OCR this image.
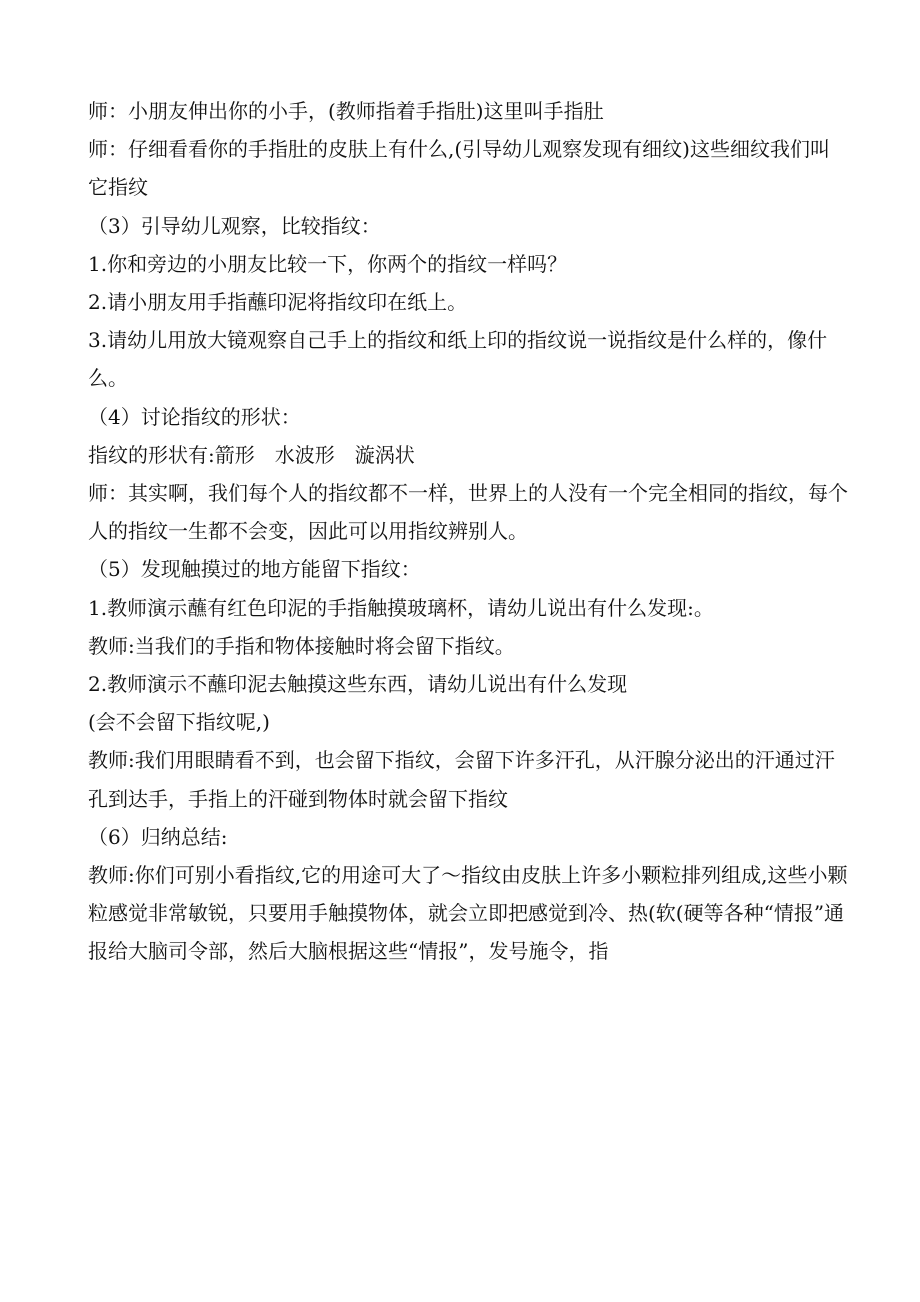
师：小朋友伸出你的小手，(教师指着手指肚)这里叫手指肚

师：仔细看看你的手指肚的皮肤上有什么,(引导幼儿观察发现有细纹)这些细纹我们叫它指纹

（3）引导幼儿观察，比较指纹：

1.你和旁边的小朋友比较一下，你两个的指纹一样吗？

2.请小朋友用手指蘸印泥将指纹印在纸上。

3.请幼儿用放大镜观察自己手上的指纹和纸上印的指纹说一说指纹是什么样的，像什么。

（4）讨论指纹的形状：

指纹的形状有:箭形　水波形　漩涡状

师：其实啊，我们每个人的指纹都不一样，世界上的人没有一个完全相同的指纹，每个人的指纹一生都不会变，因此可以用指纹辨别人。

（5）发现触摸过的地方能留下指纹：

1.教师演示蘸有红色印泥的手指触摸玻璃杯，请幼儿说出有什么发现:。

教师:当我们的手指和物体接触时将会留下指纹。

2.教师演示不蘸印泥去触摸这些东西，请幼儿说出有什么发现

(会不会留下指纹呢,)

教师:我们用眼睛看不到，也会留下指纹，会留下许多汗孔，从汗腺分泌出的汗通过汗孔到达手，手指上的汗碰到物体时就会留下指纹

（6）归纳总结:

教师:你们可别小看指纹,它的用途可大了～指纹由皮肤上许多小颗粒排列组成,这些小颗粒感觉非常敏锐，只要用手触摸物体，就会立即把感觉到冷、热(软(硬等各种“情报”通报给大脑司令部，然后大脑根据这些“情报”，发号施令，指
